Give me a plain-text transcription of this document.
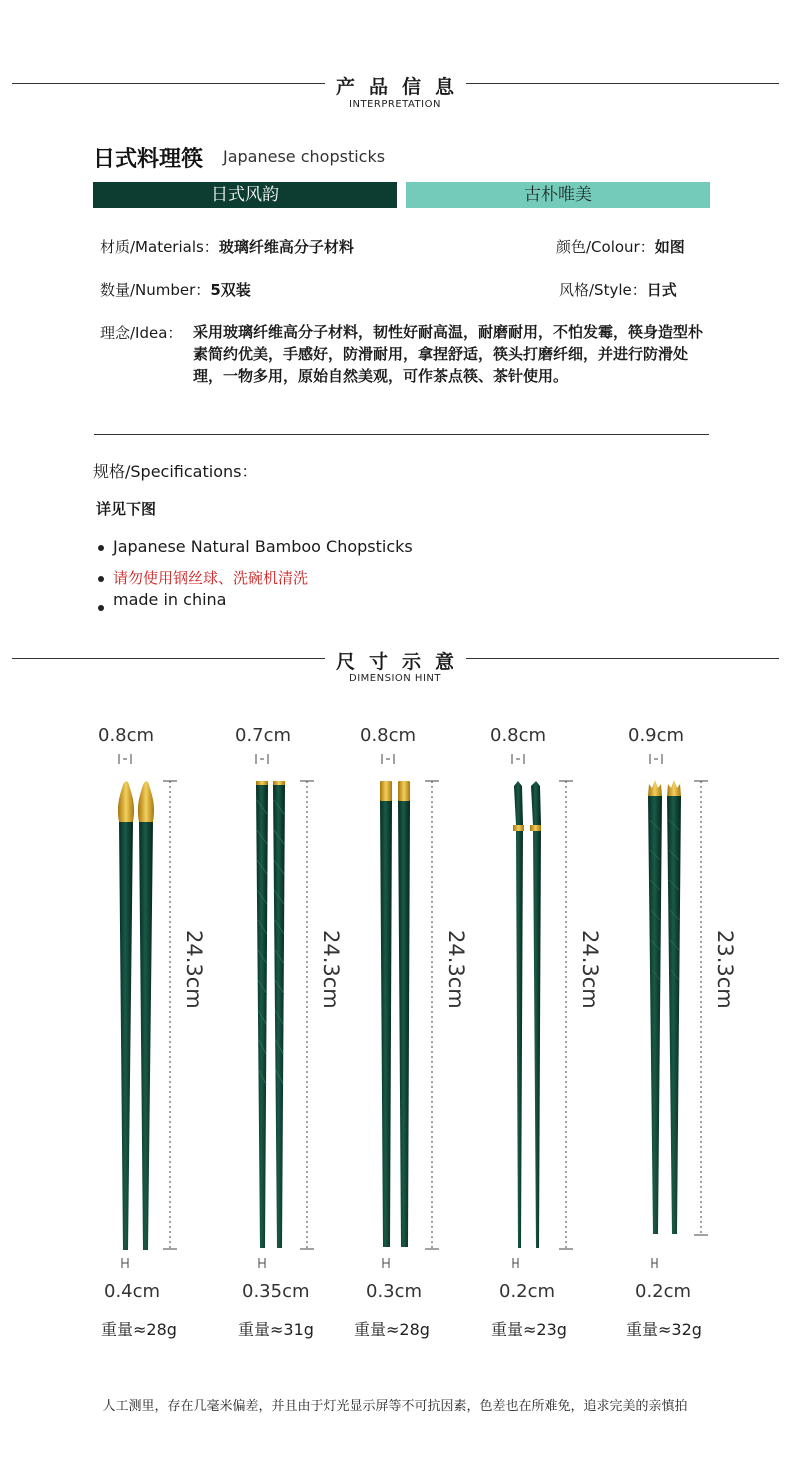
产品信息
INTERPRETATION
日式料理筷 Japanese chopsticks
日式风韵	古朴唯美
材质/Materials：玻璃纤维高分子材料	颜色/Colour：如图
数量/Number：5双装	风格/Style：日式
理念/Idea： 采用玻璃纤维高分子材料，韧性好耐高温，耐磨耐用，不怕发霉，筷身造型朴素简约优美，手感好，防滑耐用，拿捏舒适，筷头打磨纤细，并进行防滑处理，一物多用，原始自然美观，可作茶点筷、茶针使用。
规格/Specifications：
详见下图
Japanese Natural Bamboo Chopsticks
请勿使用钢丝球、洗碗机清洗
made in china
尺寸示意
DIMENSION HINT
0.8cm	0.7cm	0.8cm	0.8cm	0.9cm
24.3cm	24.3cm	24.3cm	24.3cm	23.3cm
0.4cm	0.35cm	0.3cm	0.2cm	0.2cm
重量≈28g	重量≈31g	重量≈28g	重量≈23g	重量≈32g
人工测里，存在几毫米偏差，并且由于灯光显示屏等不可抗因素，色差也在所难免，追求完美的亲慎拍
